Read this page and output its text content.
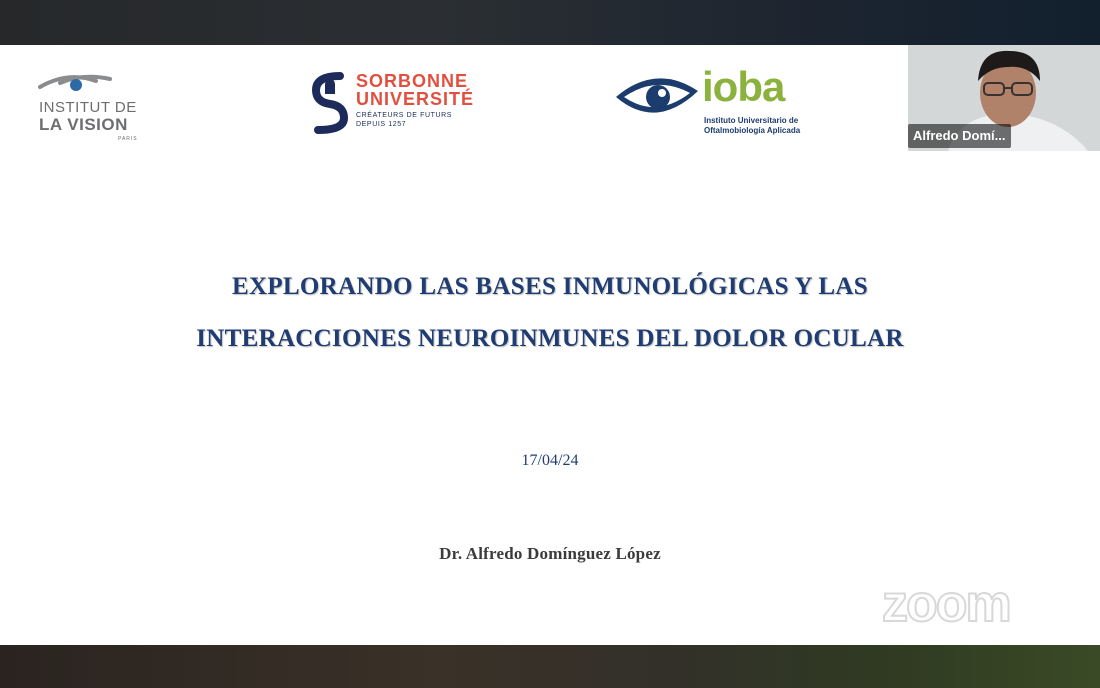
INSTITUT DE
LA VISION
PARIS
SORBONNE
UNIVERSITÉ
CRÉATEURS DE FUTURS
DEPUIS 1257
ioba
Instituto Universitario de
Oftalmobiología Aplicada
EXPLORANDO LAS BASES INMUNOLÓGICAS Y LAS
INTERACCIONES NEUROINMUNES DEL DOLOR OCULAR
17/04/24
Dr. Alfredo Domínguez López
zoom
Alfredo Domí...
